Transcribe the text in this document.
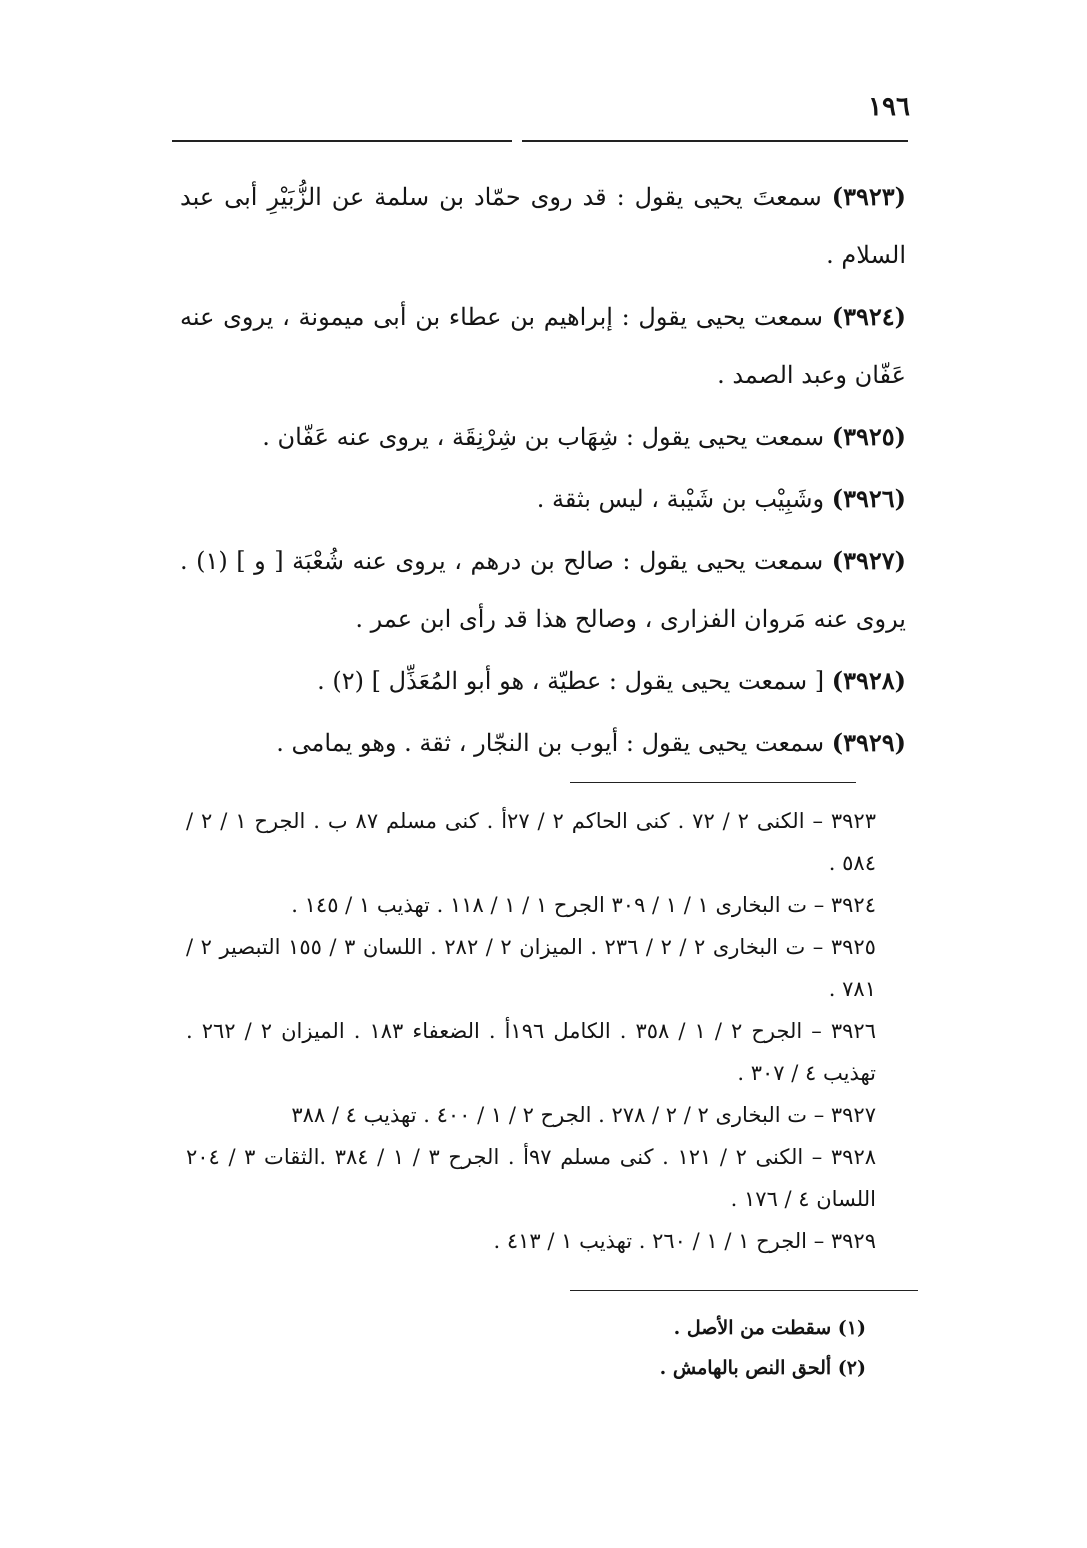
١٩٦

(٣٩٢٣) سمعتَ يحيى يقول : قد روى حمّاد بن سلمة عن الزُّبَيْرِ أبى عبد السلام .

(٣٩٢٤) سمعت يحيى يقول : إبراهيم بن عطاء بن أبى ميمونة ، يروى عنه عَفّان وعبد الصمد .

(٣٩٢٥) سمعت يحيى يقول : شِهَاب بن شِرْنِقَة ، يروى عنه عَفّان .

(٣٩٢٦) وشَبِيْب بن شَيْبة ، ليس بثقة .

(٣٩٢٧) سمعت يحيى يقول : صالح بن درهم ، يروى عنه شُعْبَة [ و ] (١) . يروى عنه مَروان الفزارى ، وصالح هذا قد رأى ابن عمر .

(٣٩٢٨) [ سمعت يحيى يقول : عطيّة ، هو أبو المُعَذِّل ] (٢) .

(٣٩٢٩) سمعت يحيى يقول : أيوب بن النجّار ، ثقة . وهو يمامى .

٣٩٢٣ – الكنى ٢ / ٧٢ . كنى الحاكم ٢ / ٢٧أ . كنى مسلم ٨٧ ب . الجرح ١ / ٢ / ٥٨٤ .

٣٩٢٤ – ت البخارى ١ / ١ / ٣٠٩ الجرح ١ / ١ / ١١٨ . تهذيب ١ / ١٤٥ .

٣٩٢٥ – ت البخارى ٢ / ٢ / ٢٣٦ . الميزان ٢ / ٢٨٢ . اللسان ٣ / ١٥٥ التبصير ٢ / ٧٨١ .

٣٩٢٦ – الجرح ٢ / ١ / ٣٥٨ . الكامل ١٩٦أ . الضعفاء ١٨٣ . الميزان ٢ / ٢٦٢ . تهذيب ٤ / ٣٠٧ .

٣٩٢٧ – ت البخارى ٢ / ٢ / ٢٧٨ . الجرح ٢ / ١ / ٤٠٠ . تهذيب ٤ / ٣٨٨

٣٩٢٨ – الكنى ٢ / ١٢١ . كنى مسلم ٩٧أ . الجرح ٣ / ١ / ٣٨٤ .الثقات ٣ / ٢٠٤ اللسان ٤ / ١٧٦ .

٣٩٢٩ – الجرح ١ / ١ / ٢٦٠ . تهذيب ١ / ٤١٣ .

(١) سقطت من الأصل .

(٢) ألحق النص بالهامش .
